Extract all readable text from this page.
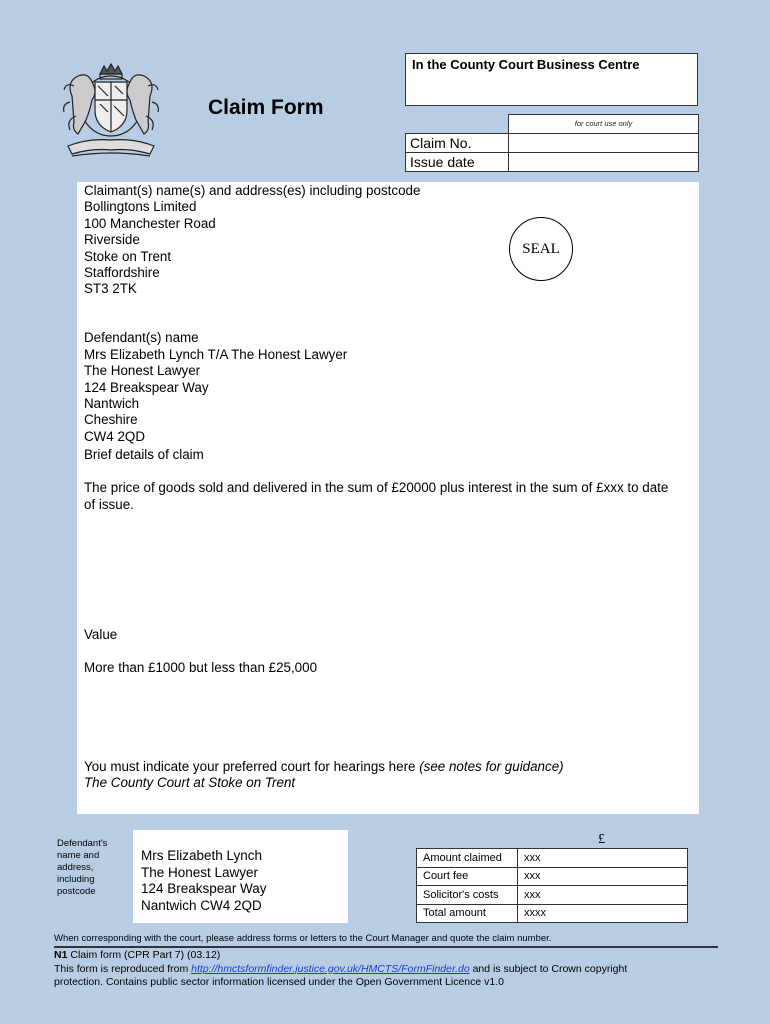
Claim Form
In the County Court Business Centre
	for court use only
Claim No.	
Issue date	
Claimant(s) name(s) and address(es) including postcode
Bollingtons Limited
100 Manchester Road
Riverside
Stoke on Trent
Staffordshire
ST3 2TK
Defendant(s) name
Mrs Elizabeth Lynch T/A The Honest Lawyer
The Honest Lawyer
124 Breakspear Way
Nantwich
Cheshire
CW4 2QD
Brief details of claim
The price of goods sold and delivered in the sum of £20000 plus interest in the sum of £xxx to date
of issue.
Value
More than £1000 but less than £25,000
You must indicate your preferred court for hearings here (see notes for guidance)
The County Court at Stoke on Trent
SEAL
Defendant's
name and
address,
including
postcode
Mrs Elizabeth Lynch
The Honest Lawyer
124 Breakspear Way
Nantwich CW4 2QD
£
Amount claimed	xxx
Court fee	xxx
Solicitor's costs	xxx
Total amount	xxxx
When corresponding with the court, please address forms or letters to the Court Manager and quote the claim number.
N1 Claim form (CPR Part 7) (03.12)
This form is reproduced from http://hmctsformfinder.justice.gov.uk/HMCTS/FormFinder.do and is subject to Crown copyright
protection. Contains public sector information licensed under the Open Government Licence v1.0
